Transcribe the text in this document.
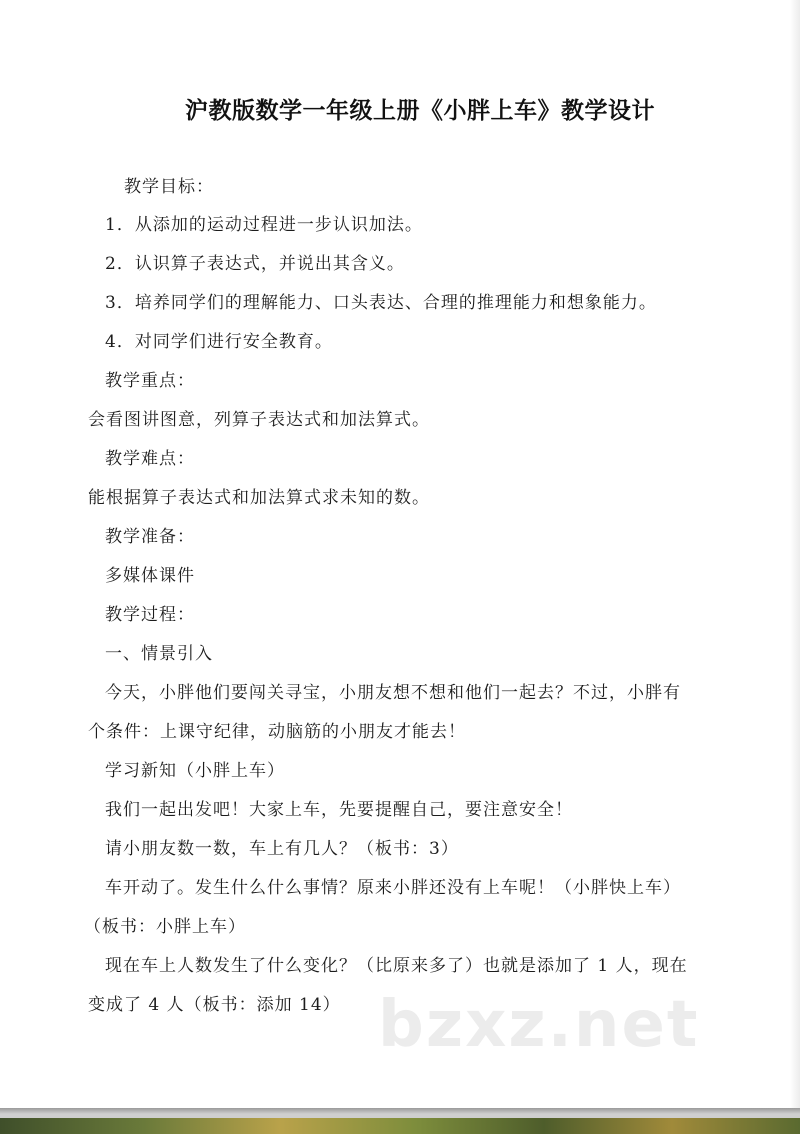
沪教版数学一年级上册《小胖上车》教学设计
教学目标：
1．从添加的运动过程进一步认识加法。
2．认识算子表达式，并说出其含义。
3．培养同学们的理解能力、口头表达、合理的推理能力和想象能力。
4．对同学们进行安全教育。
教学重点：
会看图讲图意，列算子表达式和加法算式。
教学难点：
能根据算子表达式和加法算式求未知的数。
教学准备：
多媒体课件
教学过程：
一、情景引入
今天，小胖他们要闯关寻宝，小朋友想不想和他们一起去？不过，小胖有
个条件：上课守纪律，动脑筋的小朋友才能去！
学习新知（小胖上车）
我们一起出发吧！大家上车，先要提醒自己，要注意安全！
请小朋友数一数，车上有几人？（板书：3）
车开动了。发生什么什么事情？原来小胖还没有上车呢！（小胖快上车）
（板书：小胖上车）
现在车上人数发生了什么变化？（比原来多了）也就是添加了 1 人，现在
变成了 4 人（板书：添加 14） bzxz.net
